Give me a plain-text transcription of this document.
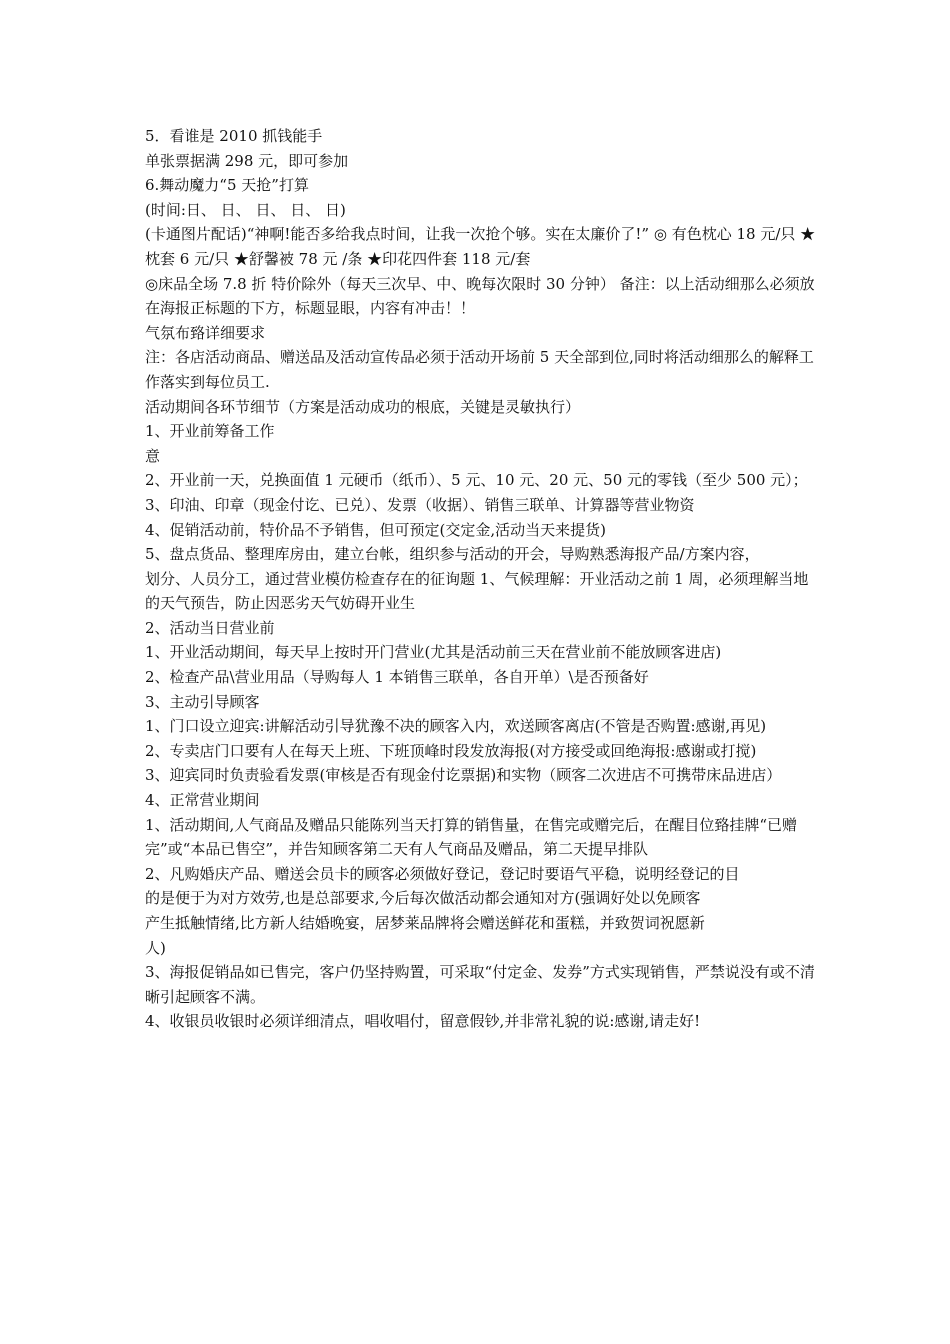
5．看谁是 2010 抓钱能手

单张票据满 298 元，即可参加

6.舞动魔力“5 天抢”打算

(时间:日、 日、 日、 日、 日)

(卡通图片配话)“神啊!能否多给我点时间，让我一次抢个够。实在太廉价了!” ◎ 有色枕心 18 元/只 ★枕套 6 元/只 ★舒馨被 78 元 /条 ★印花四件套 118 元/套

◎床品全场 7.8 折 特价除外（每天三次早、中、晚每次限时 30 分钟） 备注：以上活动细那么必须放在海报正标题的下方，标题显眼，内容有冲击！！

气氛布臵详细要求

注：各店活动商品、赠送品及活动宣传品必须于活动开场前 5 天全部到位,同时将活动细那么的解释工作落实到每位员工.

活动期间各环节细节（方案是活动成功的根底，关键是灵敏执行）

1、开业前筹备工作

意

2、开业前一天，兑换面值 1 元硬币（纸币）、5 元、10 元、20 元、50 元的零钱（至少 500 元）；

3、印油、印章（现金付讫、已兑）、发票（收据）、销售三联单、计算器等营业物资

4、促销活动前，特价品不予销售，但可预定(交定金,活动当天来提货)

5、盘点货品、整理库房由，建立台帐，组织参与活动的开会，导购熟悉海报产品/方案内容，

划分、人员分工，通过营业模仿检查存在的征询题 1、气候理解：开业活动之前 1 周，必须理解当地的天气预告，防止因恶劣天气妨碍开业生

2、活动当日营业前

1、开业活动期间，每天早上按时开门营业(尤其是活动前三天在营业前不能放顾客进店)

2、检查产品\营业用品（导购每人 1 本销售三联单，各自开单）\是否预备好

3、主动引导顾客

1、门口设立迎宾:讲解活动引导犹豫不决的顾客入内，欢送顾客离店(不管是否购置:感谢,再见)

2、专卖店门口要有人在每天上班、下班顶峰时段发放海报(对方接受或回绝海报:感谢或打搅)

3、迎宾同时负责验看发票(审核是否有现金付讫票据)和实物（顾客二次进店不可携带床品进店）

4、正常营业期间

1、活动期间,人气商品及赠品只能陈列当天打算的销售量，在售完或赠完后，在醒目位臵挂牌“已赠完”或“本品已售空”，并告知顾客第二天有人气商品及赠品，第二天提早排队

2、凡购婚庆产品、赠送会员卡的顾客必须做好登记，登记时要语气平稳，说明经登记的目

的是便于为对方效劳,也是总部要求,今后每次做活动都会通知对方(强调好处以免顾客

产生抵触情绪,比方新人结婚晚宴，居梦莱品牌将会赠送鲜花和蛋糕，并致贺词祝愿新

人)

3、海报促销品如已售完，客户仍坚持购置，可采取“付定金、发券”方式实现销售，严禁说没有或不清晰引起顾客不满。

4、收银员收银时必须详细清点，唱收唱付，留意假钞,并非常礼貌的说:感谢,请走好!
